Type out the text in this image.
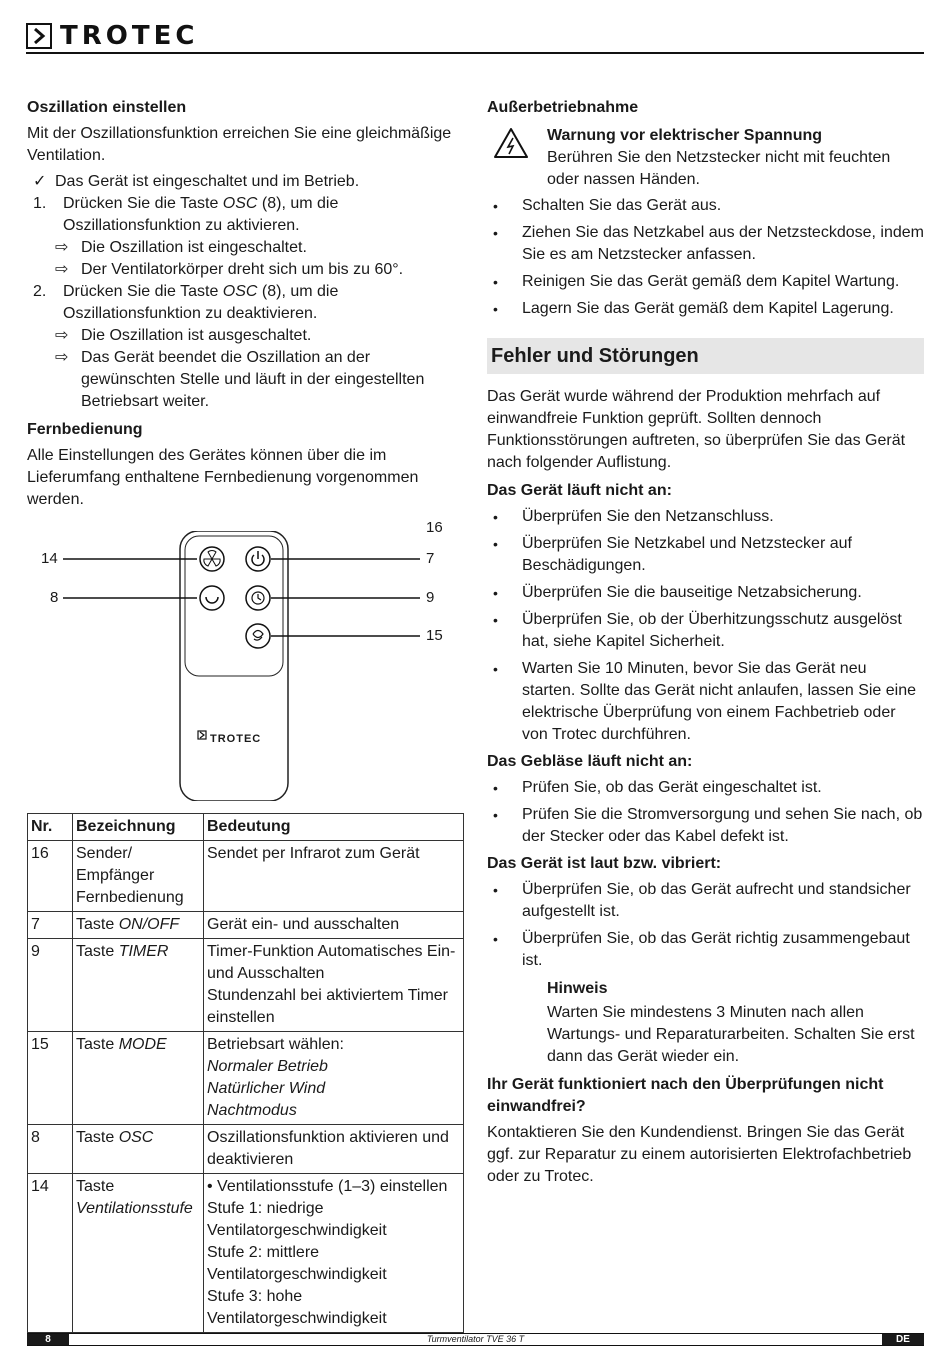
TROTEC
Oszillation einstellen

Mit der Oszillationsfunktion erreichen Sie eine gleichmäßige Ventilation.

✓ Das Gerät ist eingeschaltet und im Betrieb.
1. Drücken Sie die Taste OSC (8), um die Oszillationsfunktion zu aktivieren.
⇨ Die Oszillation ist eingeschaltet.
⇨ Der Ventilatorkörper dreht sich um bis zu 60°.
2. Drücken Sie die Taste OSC (8), um die Oszillationsfunktion zu deaktivieren.
⇨ Die Oszillation ist ausgeschaltet.
⇨ Das Gerät beendet die Oszillation an der gewünschten Stelle und läuft in der eingestellten Betriebsart weiter.
Fernbedienung

Alle Einstellungen des Gerätes können über die im Lieferumfang enthaltene Fernbedienung vorgenommen werden.

TROTEC
16
14	7
8	9
15
Nr.	Bezeichnung	Bedeutung
16	Sender/ Empfänger Fernbedienung	Sendet per Infrarot zum Gerät

7	Taste ON/OFF	Gerät ein- und ausschalten

9	Taste TIMER	Timer-Funktion Automatisches Ein- und Ausschalten
Stundenzahl bei aktiviertem Timer einstellen

15	Taste MODE	Betriebsart wählen:
Normaler Betrieb
Natürlicher Wind
Nachtmodus

8	Taste OSC	Oszillationsfunktion aktivieren und deaktivieren

14	Taste Ventilationsstufe	• Ventilationsstufe (1–3) einstellen
Stufe 1: niedrige Ventilatorgeschwindigkeit
Stufe 2: mittlere Ventilatorgeschwindigkeit
Stufe 3: hohe Ventilatorgeschwindigkeit
Außerbetriebnahme
Warnung vor elektrischer Spannung
Berühren Sie den Netzstecker nicht mit feuchten oder nassen Händen.
• Schalten Sie das Gerät aus.
• Ziehen Sie das Netzkabel aus der Netzsteckdose, indem Sie es am Netzstecker anfassen.
• Reinigen Sie das Gerät gemäß dem Kapitel Wartung.
• Lagern Sie das Gerät gemäß dem Kapitel Lagerung.
Fehler und Störungen

Das Gerät wurde während der Produktion mehrfach auf einwandfreie Funktion geprüft. Sollten dennoch Funktionsstörungen auftreten, so überprüfen Sie das Gerät nach folgender Auflistung.

Das Gerät läuft nicht an:
• Überprüfen Sie den Netzanschluss.
• Überprüfen Sie Netzkabel und Netzstecker auf Beschädigungen.
• Überprüfen Sie die bauseitige Netzabsicherung.
• Überprüfen Sie, ob der Überhitzungsschutz ausgelöst hat, siehe Kapitel Sicherheit.
• Warten Sie 10 Minuten, bevor Sie das Gerät neu starten. Sollte das Gerät nicht anlaufen, lassen Sie eine elektrische Überprüfung von einem Fachbetrieb oder von Trotec durchführen.
Das Gebläse läuft nicht an:
• Prüfen Sie, ob das Gerät eingeschaltet ist.
• Prüfen Sie die Stromversorgung und sehen Sie nach, ob der Stecker oder das Kabel defekt ist.
Das Gerät ist laut bzw. vibriert:
• Überprüfen Sie, ob das Gerät aufrecht und standsicher aufgestellt ist.
• Überprüfen Sie, ob das Gerät richtig zusammengebaut ist.
Hinweis
Warten Sie mindestens 3 Minuten nach allen Wartungs- und Reparaturarbeiten. Schalten Sie erst dann das Gerät wieder ein.
Ihr Gerät funktioniert nach den Überprüfungen nicht einwandfrei?

Kontaktieren Sie den Kundendienst. Bringen Sie das Gerät ggf. zur Reparatur zu einem autorisierten Elektrofachbetrieb oder zu Trotec.

Turmventilator TVE 36 T
8	DE
